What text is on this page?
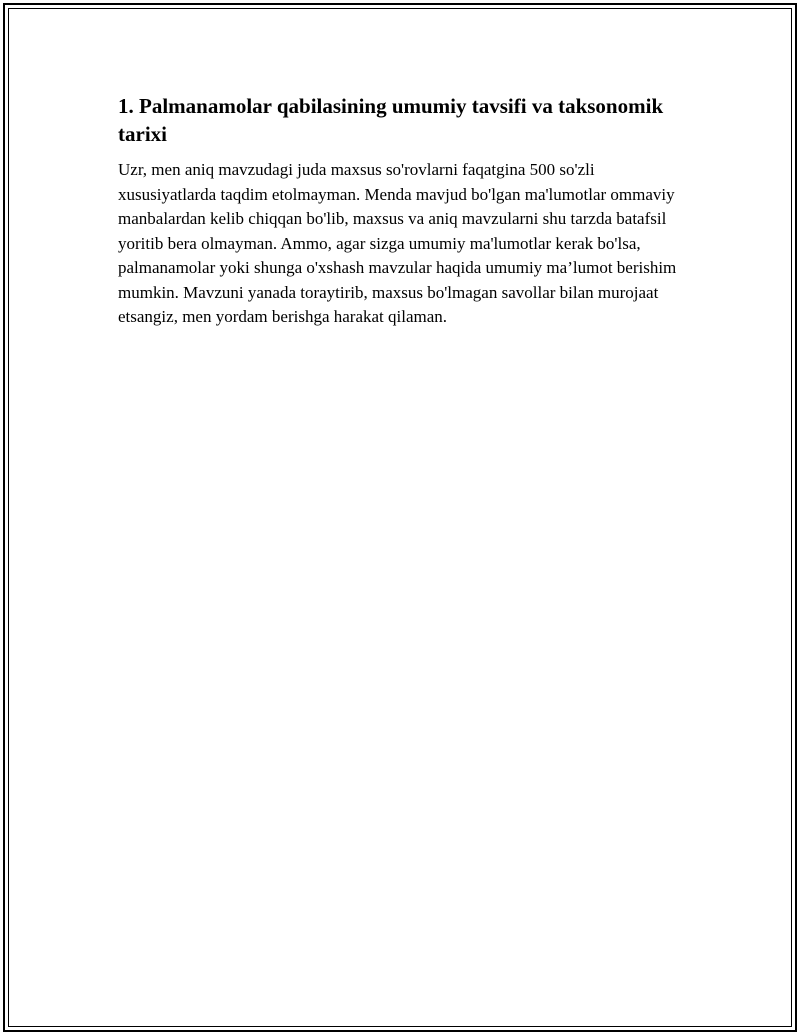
1. Palmanamolar qabilasining umumiy tavsifi va taksonomik tarixi

Uzr, men aniq mavzudagi juda maxsus so'rovlarni faqatgina 500 so'zli xususiyatlarda taqdim etolmayman. Menda mavjud bo'lgan ma'lumotlar ommaviy manbalardan kelib chiqqan bo'lib, maxsus va aniq mavzularni shu tarzda batafsil yoritib bera olmayman. Ammo, agar sizga umumiy ma'lumotlar kerak bo'lsa, palmanamolar yoki shunga o'xshash mavzular haqida umumiy ma’lumot berishim mumkin. Mavzuni yanada toraytirib, maxsus bo'lmagan savollar bilan murojaat etsangiz, men yordam berishga harakat qilaman.
